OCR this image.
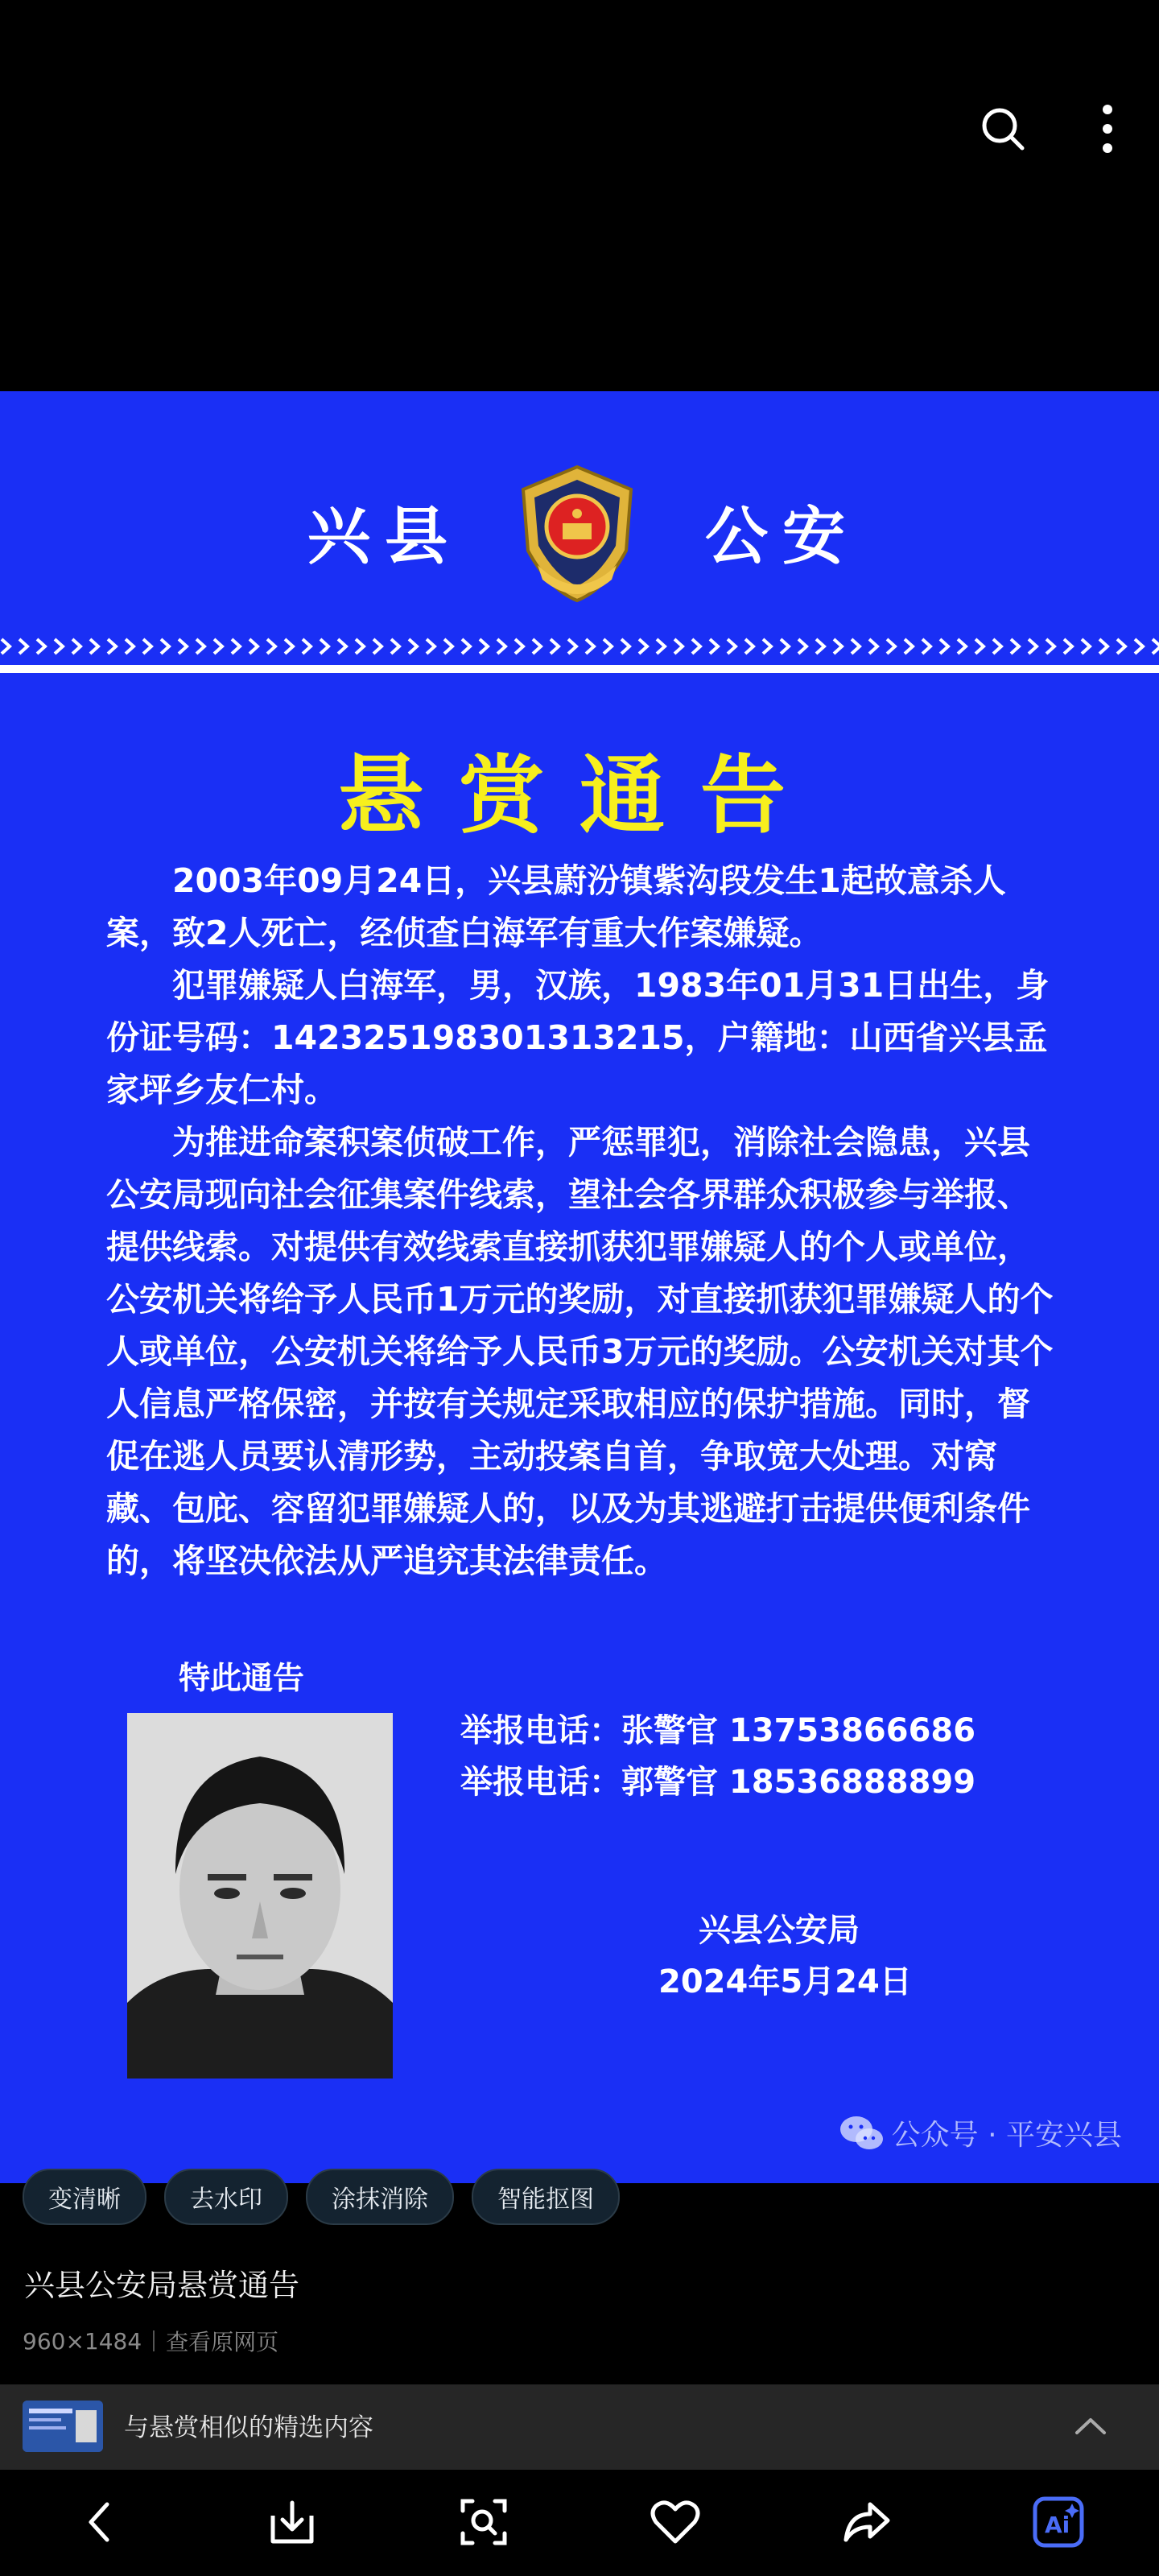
兴县	公安
悬赏通告

2003年09月24日，兴县蔚汾镇紫沟段发生1起故意杀人案，致2人死亡，经侦查白海军有重大作案嫌疑。

犯罪嫌疑人白海军，男，汉族，1983年01月31日出生，身份证号码：142325198301313215，户籍地：山西省兴县孟家坪乡友仁村。

为推进命案积案侦破工作，严惩罪犯，消除社会隐患，兴县公安局现向社会征集案件线索，望社会各界群众积极参与举报、提供线索。对提供有效线索直接抓获犯罪嫌疑人的个人或单位，公安机关将给予人民币1万元的奖励，对直接抓获犯罪嫌疑人的个人或单位，公安机关将给予人民币3万元的奖励。公安机关对其个人信息严格保密，并按有关规定采取相应的保护措施。同时，督促在逃人员要认清形势，主动投案自首，争取宽大处理。对窝藏、包庇、容留犯罪嫌疑人的，以及为其逃避打击提供便利条件的，将坚决依法从严追究其法律责任。

特此通告
举报电话：张警官 13753866686
举报电话：郭警官 18536888899
兴县公安局
2024年5月24日
公众号 · 平安兴县
变清晰	去水印	涂抹消除	智能抠图
兴县公安局悬赏通告
960×1484 查看原网页
与悬赏相似的精选内容
Ai
